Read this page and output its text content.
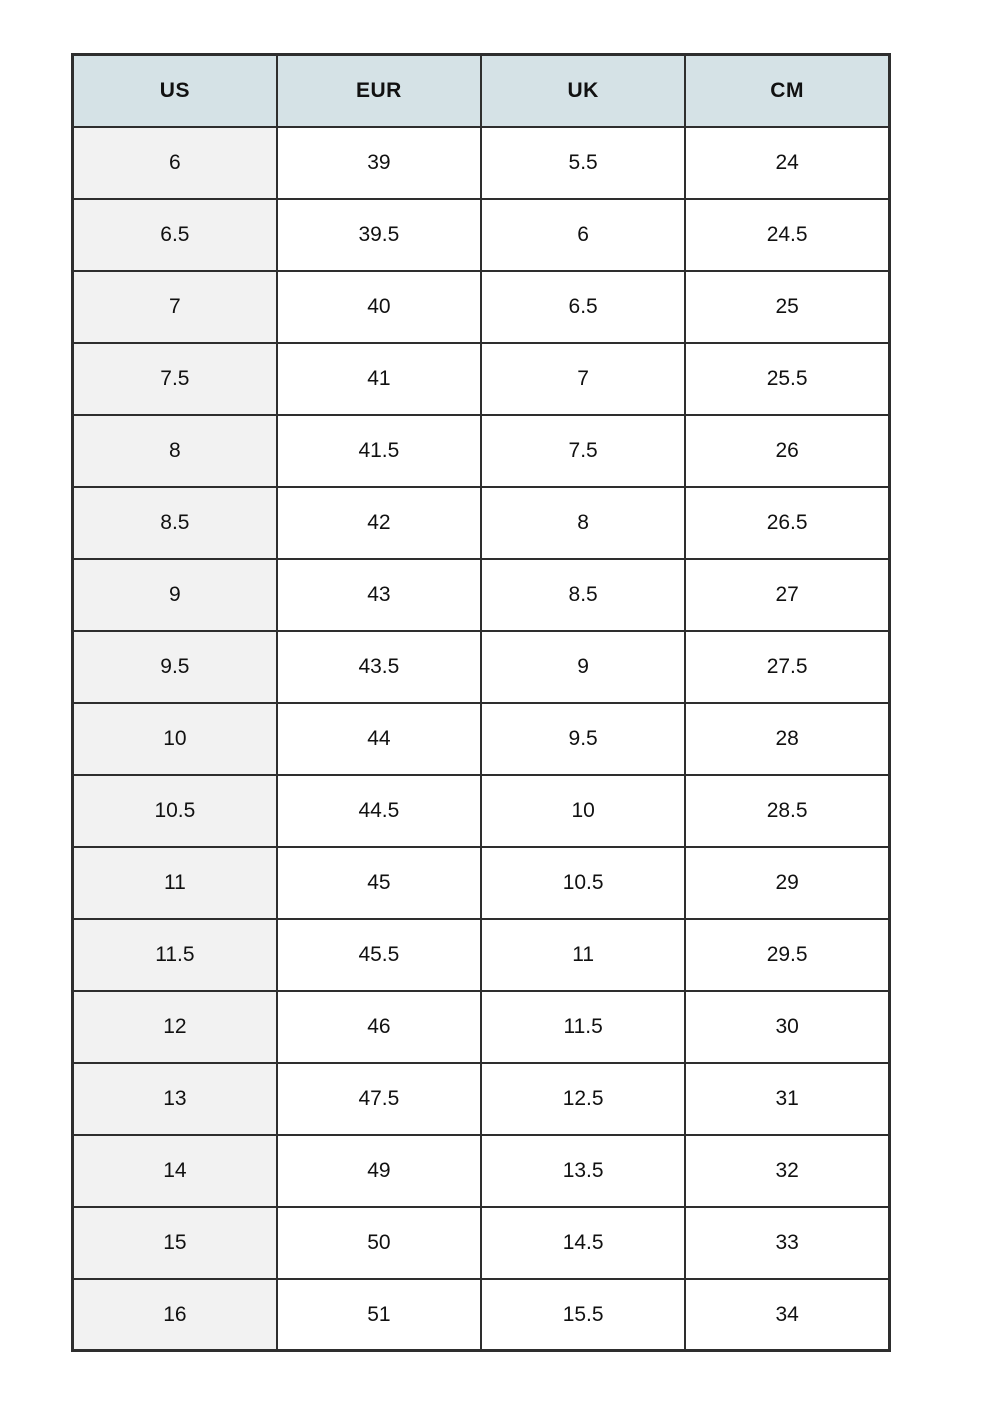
US	EUR	UK	CM
6	39	5.5	24
6.5	39.5	6	24.5
7	40	6.5	25
7.5	41	7	25.5
8	41.5	7.5	26
8.5	42	8	26.5
9	43	8.5	27
9.5	43.5	9	27.5
10	44	9.5	28
10.5	44.5	10	28.5
11	45	10.5	29
11.5	45.5	11	29.5
12	46	11.5	30
13	47.5	12.5	31
14	49	13.5	32
15	50	14.5	33
16	51	15.5	34
